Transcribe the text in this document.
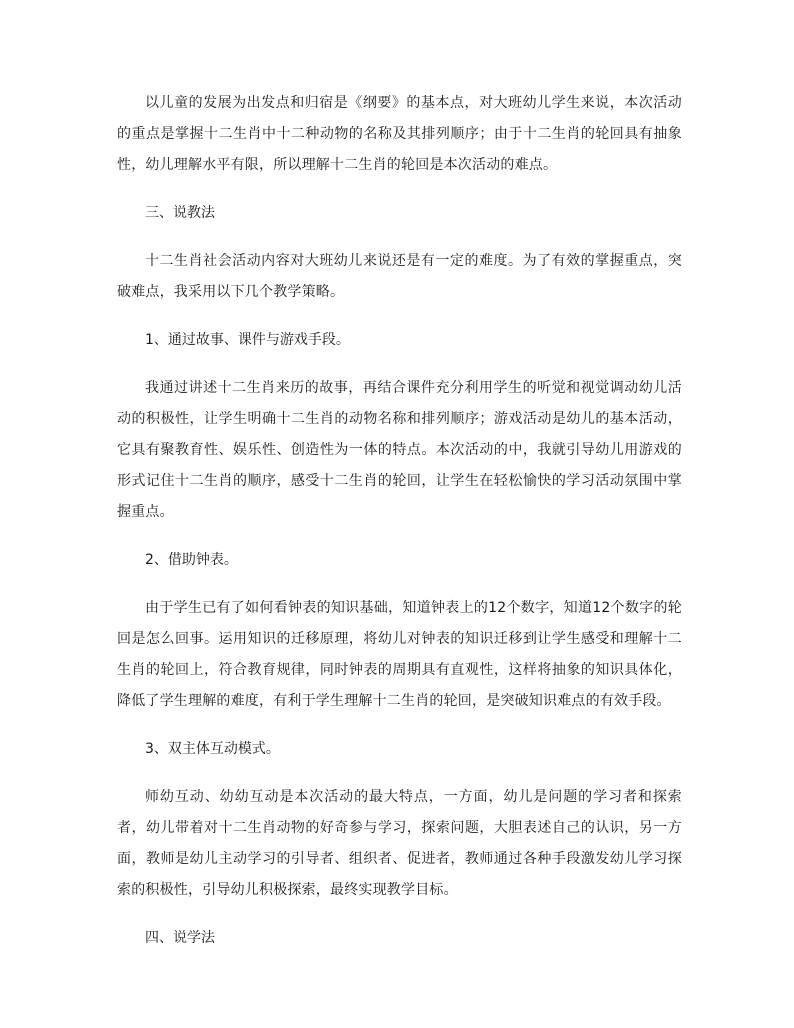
以儿童的发展为出发点和归宿是《纲要》的基本点，对大班幼儿学生来说，本次活动的重点是掌握十二生肖中十二种动物的名称及其排列顺序；由于十二生肖的轮回具有抽象性，幼儿理解水平有限，所以理解十二生肖的轮回是本次活动的难点。

三、说教法

十二生肖社会活动内容对大班幼儿来说还是有一定的难度。为了有效的掌握重点，突破难点，我采用以下几个教学策略。

1、通过故事、课件与游戏手段。

我通过讲述十二生肖来历的故事，再结合课件充分利用学生的听觉和视觉调动幼儿活动的积极性，让学生明确十二生肖的动物名称和排列顺序；游戏活动是幼儿的基本活动，它具有聚教育性、娱乐性、创造性为一体的特点。本次活动的中，我就引导幼儿用游戏的形式记住十二生肖的顺序，感受十二生肖的轮回，让学生在轻松愉快的学习活动氛围中掌握重点。

2、借助钟表。

由于学生已有了如何看钟表的知识基础，知道钟表上的12个数字，知道12个数字的轮回是怎么回事。运用知识的迁移原理，将幼儿对钟表的知识迁移到让学生感受和理解十二生肖的轮回上，符合教育规律，同时钟表的周期具有直观性，这样将抽象的知识具体化，降低了学生理解的难度，有利于学生理解十二生肖的轮回，是突破知识难点的有效手段。

3、双主体互动模式。

师幼互动、幼幼互动是本次活动的最大特点，一方面，幼儿是问题的学习者和探索者，幼儿带着对十二生肖动物的好奇参与学习，探索问题，大胆表述自己的认识，另一方面，教师是幼儿主动学习的引导者、组织者、促进者，教师通过各种手段激发幼儿学习探索的积极性，引导幼儿积极探索，最终实现教学目标。

四、说学法
